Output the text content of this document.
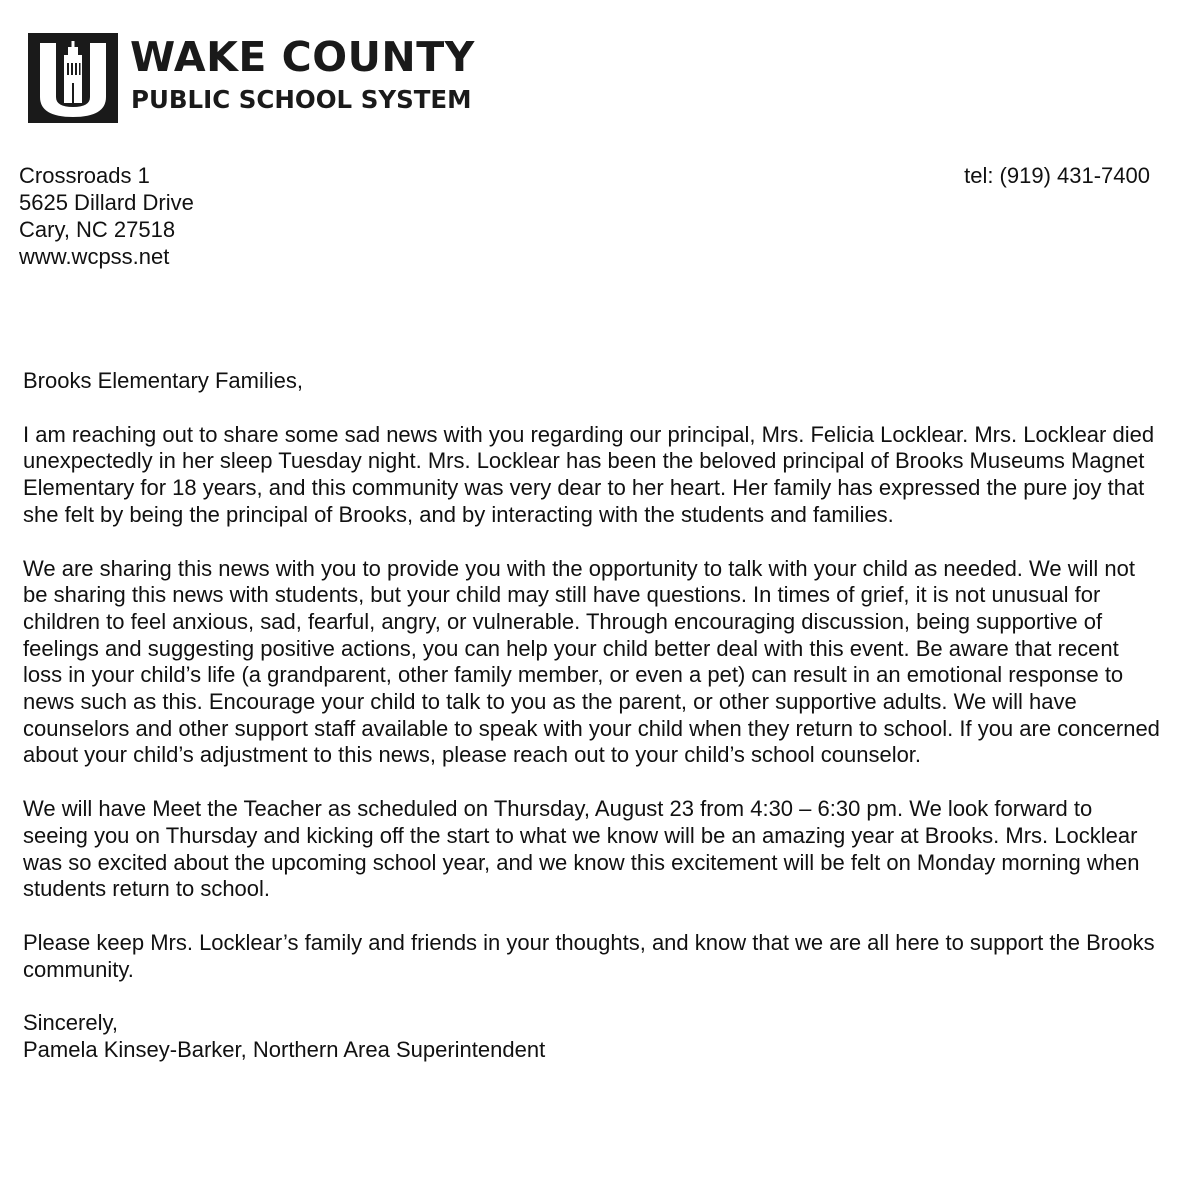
WAKE COUNTY
PUBLIC SCHOOL SYSTEM
Crossroads 1
5625 Dillard Drive
Cary, NC 27518
www.wcpss.net
tel: (919) 431-7400

Brooks Elementary Families,

I am reaching out to share some sad news with you regarding our principal, Mrs. Felicia Locklear. Mrs. Locklear died unexpectedly in her sleep Tuesday night. Mrs. Locklear has been the beloved principal of Brooks Museums Magnet Elementary for 18 years, and this community was very dear to her heart. Her family has expressed the pure joy that she felt by being the principal of Brooks, and by interacting with the students and families.

We are sharing this news with you to provide you with the opportunity to talk with your child as needed. We will not be sharing this news with students, but your child may still have questions. In times of grief, it is not unusual for children to feel anxious, sad, fearful, angry, or vulnerable. Through encouraging discussion, being supportive of feelings and suggesting positive actions, you can help your child better deal with this event. Be aware that recent loss in your child’s life (a grandparent, other family member, or even a pet) can result in an emotional response to news such as this. Encourage your child to talk to you as the parent, or other supportive adults. We will have counselors and other support staff available to speak with your child when they return to school. If you are concerned about your child’s adjustment to this news, please reach out to your child’s school counselor.

We will have Meet the Teacher as scheduled on Thursday, August 23 from 4:30 – 6:30 pm. We look forward to seeing you on Thursday and kicking off the start to what we know will be an amazing year at Brooks. Mrs. Locklear was so excited about the upcoming school year, and we know this excitement will be felt on Monday morning when students return to school.

Please keep Mrs. Locklear’s family and friends in your thoughts, and know that we are all here to support the Brooks community.

Sincerely,

Pamela Kinsey-Barker, Northern Area Superintendent
